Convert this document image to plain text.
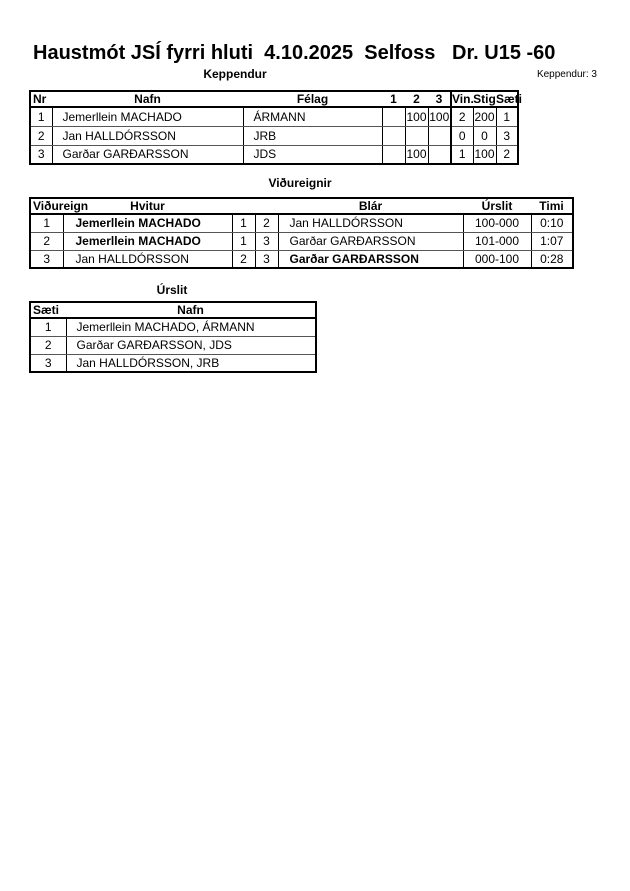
Haustmót JSÍ fyrri hluti  4.10.2025  Selfoss   Dr. U15 -60
Keppendur	Keppendur: 3
Nr	Nafn	Félag	1	2	3	Vin.	Stig	Sæti
1	Jemerllein MACHADO	ÁRMANN		100	100	2	200	1
2	Jan HALLDÓRSSON	JRB				0	0	3
3	Garðar GARÐARSSON	JDS		100		1	100	2
Viðureignir
Viðureign	Hvitur			Blár	Úrslit	Timi
1	Jemerllein MACHADO	1	2	Jan HALLDÓRSSON	100-000	0:10
2	Jemerllein MACHADO	1	3	Garðar GARÐARSSON	101-000	1:07
3	Jan HALLDÓRSSON	2	3	Garðar GARÐARSSON	000-100	0:28
Úrslit
Sæti	Nafn
1	Jemerllein MACHADO, ÁRMANN
2	Garðar GARÐARSSON, JDS
3	Jan HALLDÓRSSON, JRB
